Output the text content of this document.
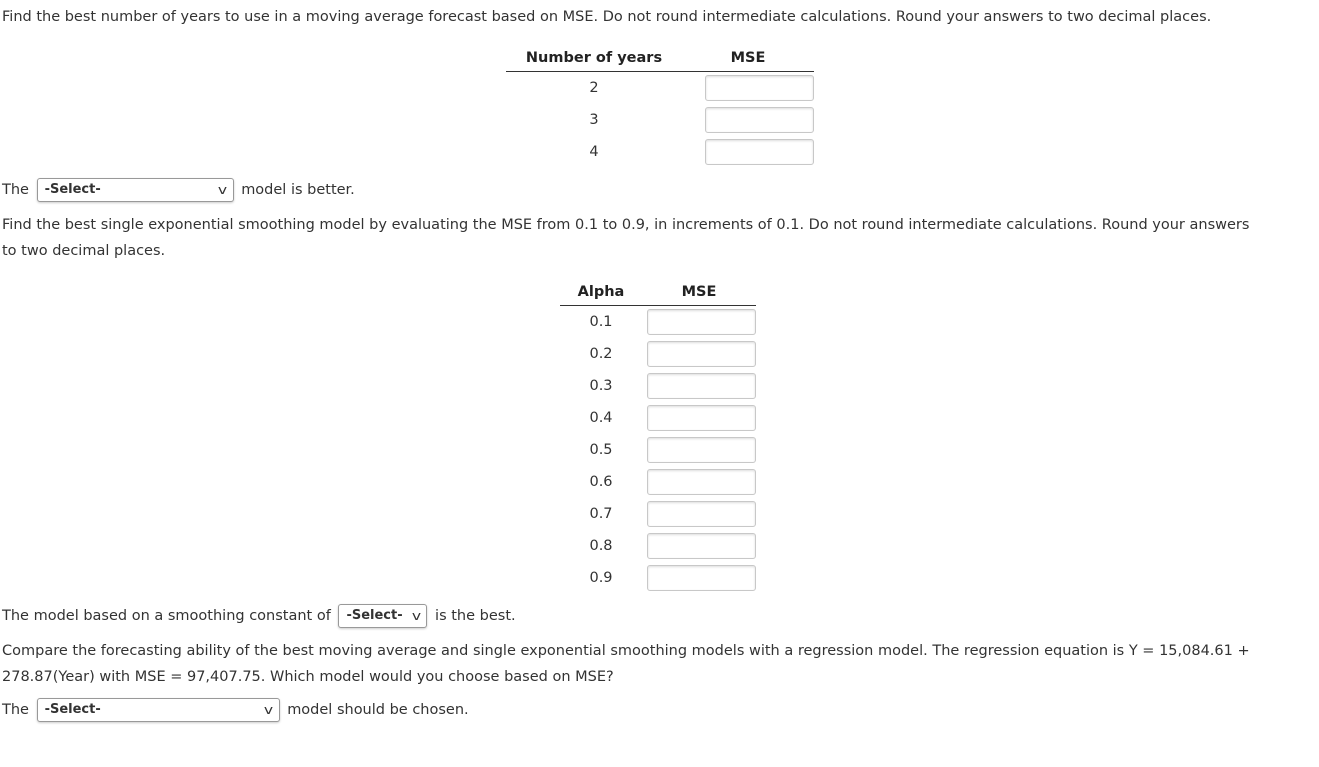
Find the best number of years to use in a moving average forecast based on MSE. Do not round intermediate calculations. Round your answers to two decimal places.
Number of years	MSE
2	
3	
4	
The -Select-	v model is better.
Find the best single exponential smoothing model by evaluating the MSE from 0.1 to 0.9, in increments of 0.1. Do not round intermediate calculations. Round your answers
to two decimal places.
Alpha	MSE
0.1	
0.2	
0.3	
0.4	
0.5	
0.6	
0.7	
0.8	
0.9	
The model based on a smoothing constant of -Select- v is the best.
Compare the forecasting ability of the best moving average and single exponential smoothing models with a regression model. The regression equation is Y = 15,084.61 +
278.87(Year) with MSE = 97,407.75. Which model would you choose based on MSE?
The -Select-	v model should be chosen.
